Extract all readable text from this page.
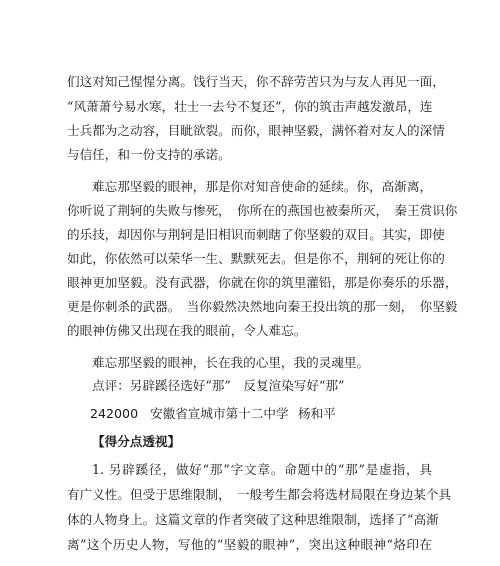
们这对知己惺惺分离。饯行当天，你不辞劳苦只为与友人再见一面，
“风萧萧兮易水寒，壮士一去兮不复还”，你的筑击声越发激昂，连
士兵都为之动容，目眦欲裂。而你，眼神坚毅，满怀着对友人的深情
与信任，和一份支持的承诺。
难忘那坚毅的眼神，那是你对知音使命的延续。你，高渐离，
你听说了荆轲的失败与惨死，　你所在的燕国也被秦所灭，　秦王赏识你
的乐技，却因你与荆轲是旧相识而刺瞎了你坚毅的双目。其实，即使
如此，你依然可以荣华一生、默默死去。但是你不，荆轲的死让你的
眼神更加坚毅。没有武器，你就在你的筑里灌铅，那是你奏乐的乐器，
更是你刺杀的武器。　当你毅然决然地向秦王投出筑的那一刻，　你坚毅
的眼神仿佛又出现在我的眼前，令人难忘。
难忘那坚毅的眼神，长在我的心里，我的灵魂里。
点评：另辟蹊径选好“那”　反复渲染写好“那”
242000 安徽省宣城市第十二中学 杨和平
【得分点透视】
1. 另辟蹊径，做好“那”字文章。命题中的“那”是虚指，具
有广义性。但受于思维限制，　一般考生都会将选材局限在身边某个具
体的人物身上。这篇文章的作者突破了这种思维限制，选择了“高渐
离”这个历史人物，写他的“坚毅的眼神”，突出这种眼神“烙印在
